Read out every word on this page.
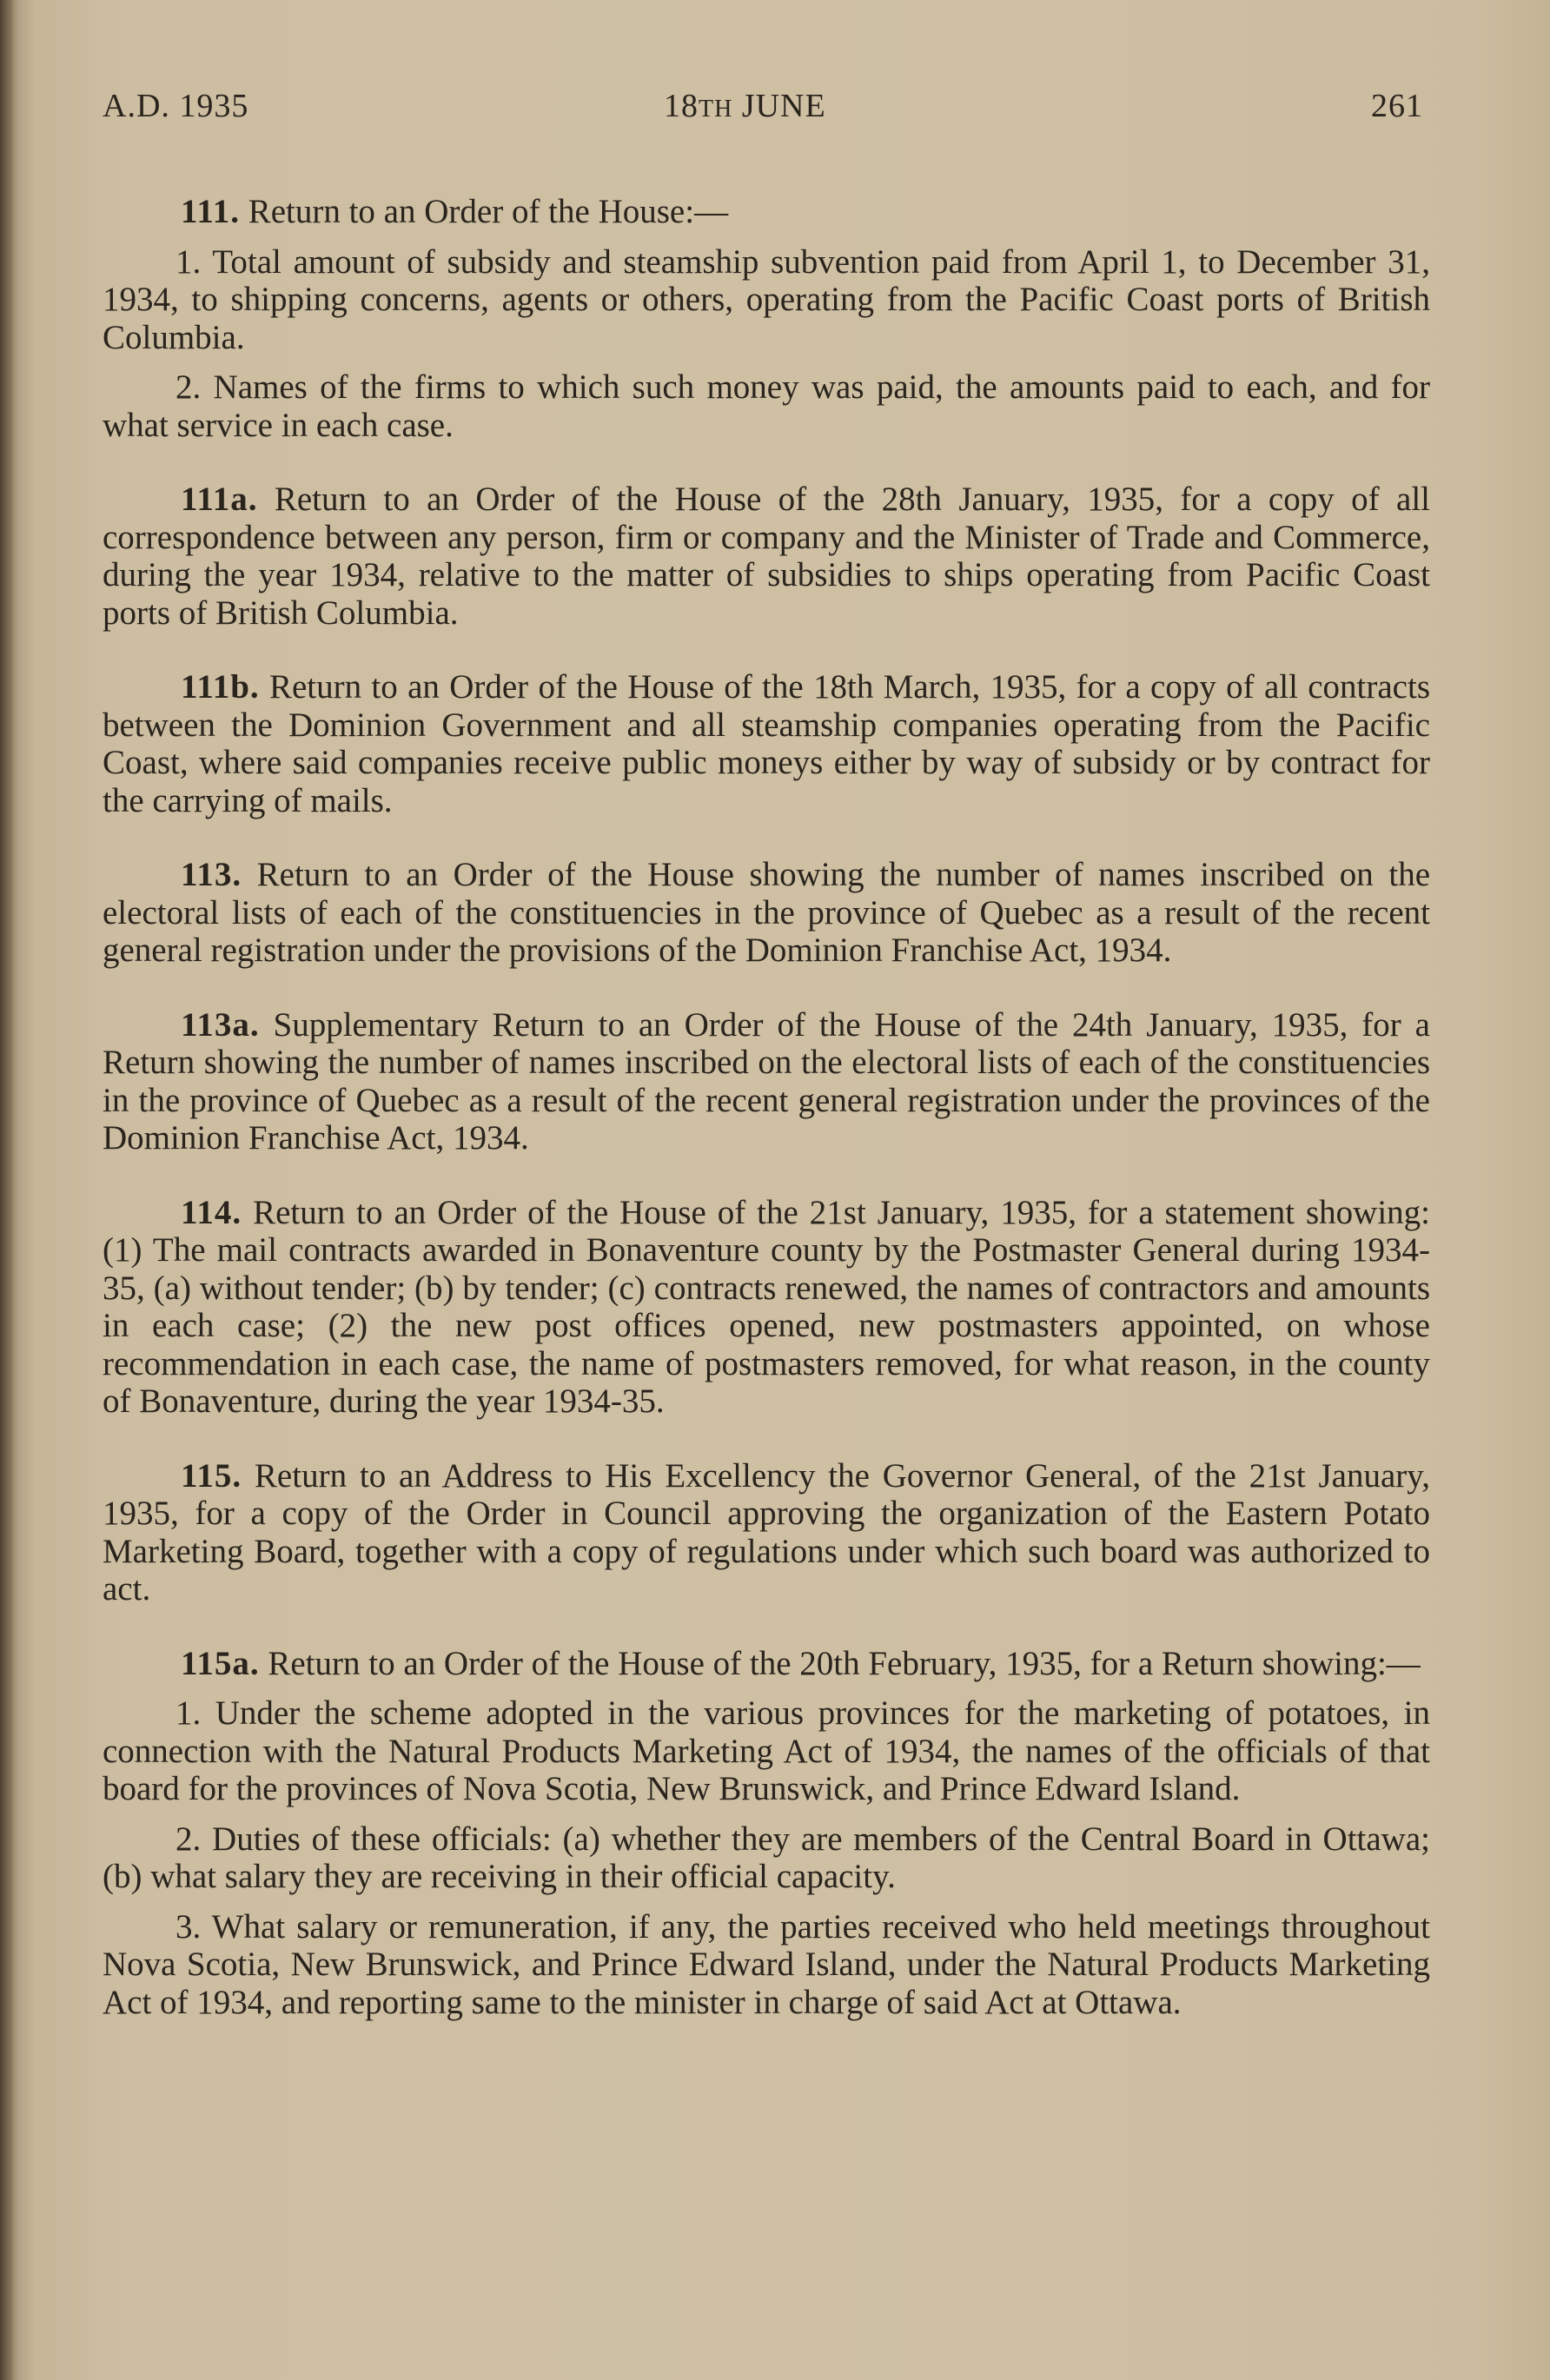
A.D. 1935	18TH JUNE	261

111. Return to an Order of the House:—

1. Total amount of subsidy and steamship subvention paid from April 1, to December 31, 1934, to shipping concerns, agents or others, operating from the Pacific Coast ports of British Columbia.

2. Names of the firms to which such money was paid, the amounts paid to each, and for what service in each case.

111a. Return to an Order of the House of the 28th January, 1935, for a copy of all correspondence between any person, firm or company and the Minister of Trade and Commerce, during the year 1934, relative to the matter of subsidies to ships operating from Pacific Coast ports of British Columbia.

111b. Return to an Order of the House of the 18th March, 1935, for a copy of all contracts between the Dominion Government and all steamship companies operating from the Pacific Coast, where said companies receive public moneys either by way of subsidy or by contract for the carrying of mails.

113. Return to an Order of the House showing the number of names inscribed on the electoral lists of each of the constituencies in the province of Quebec as a result of the recent general registration under the provisions of the Dominion Franchise Act, 1934.

113a. Supplementary Return to an Order of the House of the 24th January, 1935, for a Return showing the number of names inscribed on the electoral lists of each of the constituencies in the province of Quebec as a result of the recent general registration under the provinces of the Dominion Franchise Act, 1934.

114. Return to an Order of the House of the 21st January, 1935, for a statement showing: (1) The mail contracts awarded in Bonaventure county by the Postmaster General during 1934-35, (a) without tender; (b) by tender; (c) contracts renewed, the names of contractors and amounts in each case; (2) the new post offices opened, new postmasters appointed, on whose recommendation in each case, the name of postmasters removed, for what reason, in the county of Bonaventure, during the year 1934-35.

115. Return to an Address to His Excellency the Governor General, of the 21st January, 1935, for a copy of the Order in Council approving the organization of the Eastern Potato Marketing Board, together with a copy of regulations under which such board was authorized to act.

115a. Return to an Order of the House of the 20th February, 1935, for a Return showing:—

1. Under the scheme adopted in the various provinces for the marketing of potatoes, in connection with the Natural Products Marketing Act of 1934, the names of the officials of that board for the provinces of Nova Scotia, New Brunswick, and Prince Edward Island.

2. Duties of these officials: (a) whether they are members of the Central Board in Ottawa; (b) what salary they are receiving in their official capacity.

3. What salary or remuneration, if any, the parties received who held meetings throughout Nova Scotia, New Brunswick, and Prince Edward Island, under the Natural Products Marketing Act of 1934, and reporting same to the minister in charge of said Act at Ottawa.
